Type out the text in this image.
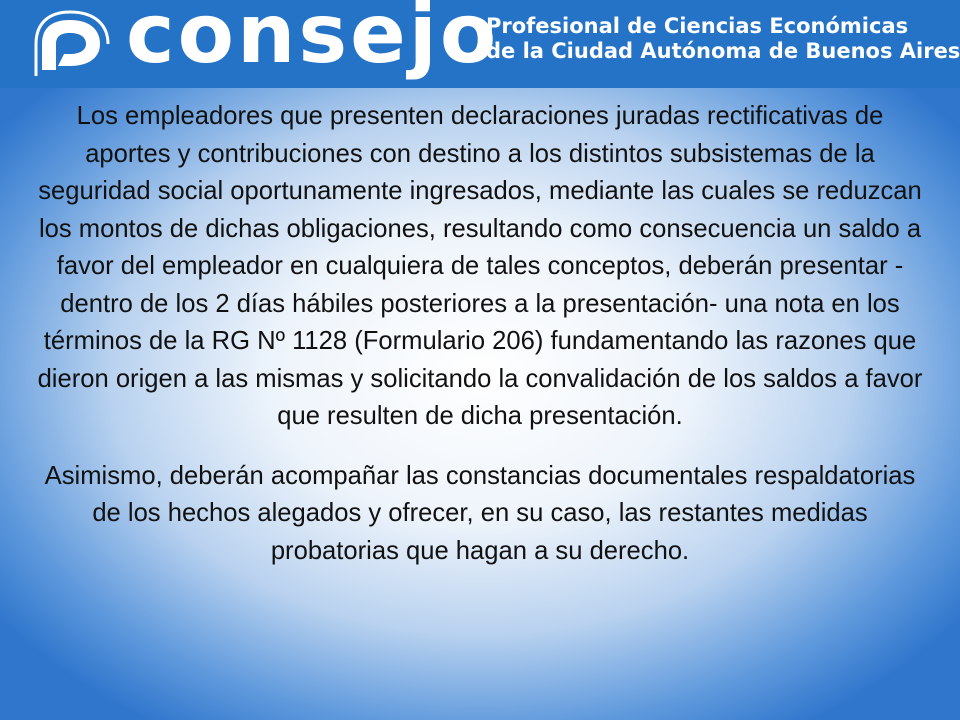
consejo
Profesional de Ciencias Económicas
de la Ciudad Autónoma de Buenos Aires

Los empleadores que presenten declaraciones juradas rectificativas de aportes y contribuciones con destino a los distintos subsistemas de la seguridad social oportunamente ingresados, mediante las cuales se reduzcan los montos de dichas obligaciones, resultando como consecuencia un saldo a favor del empleador en cualquiera de tales conceptos, deberán presentar -dentro de los 2 días hábiles posteriores a la presentación- una nota en los términos de la RG Nº 1128 (Formulario 206) fundamentando las razones que dieron origen a las mismas y solicitando la convalidación de los saldos a favor que resulten de dicha presentación.

Asimismo, deberán acompañar las constancias documentales respaldatorias de los hechos alegados y ofrecer, en su caso, las restantes medidas probatorias que hagan a su derecho.
